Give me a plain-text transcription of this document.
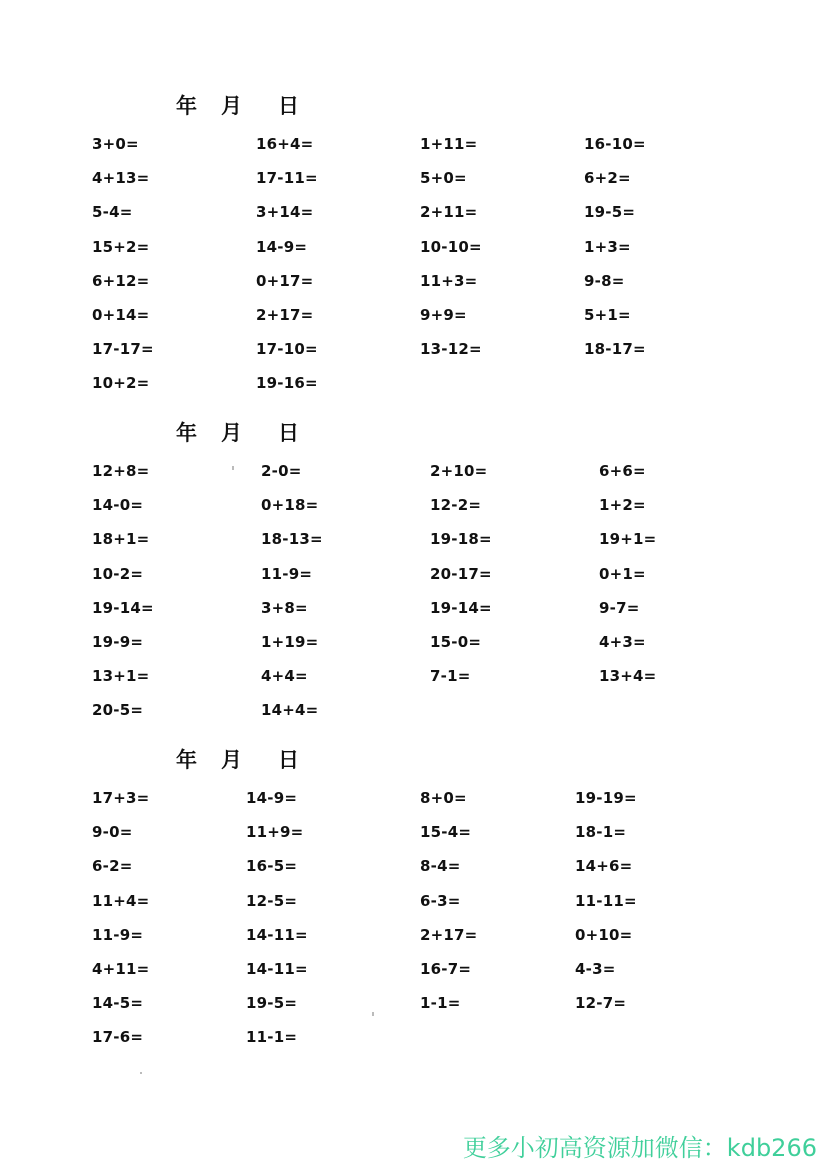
年 月 日
3+0=	16+4=	1+11=	16-10=
4+13=	17-11=	5+0=	6+2=
5-4=	3+14=	2+11=	19-5=
15+2=	14-9=	10-10=	1+3=
6+12=	0+17=	11+3=	9-8=
0+14=	2+17=	9+9=	5+1=
17-17=	17-10=	13-12=	18-17=
10+2=	19-16=
年 月 日
12+8=	2-0=	2+10=	6+6=
14-0=	0+18=	12-2=	1+2=
18+1=	18-13=	19-18=	19+1=
10-2=	11-9=	20-17=	0+1=
19-14=	3+8=	19-14=	9-7=
19-9=	1+19=	15-0=	4+3=
13+1=	4+4=	7-1=	13+4=
20-5=	14+4=
年 月 日
17+3=	14-9=	8+0=	19-19=
9-0=	11+9=	15-4=	18-1=
6-2=	16-5=	8-4=	14+6=
11+4=	12-5=	6-3=	11-11=
11-9=	14-11=	2+17=	0+10=
4+11=	14-11=	16-7=	4-3=
14-5=	19-5=	1-1=	12-7=
17-6=	11-1=
更多小初高资源加微信：kdb266
